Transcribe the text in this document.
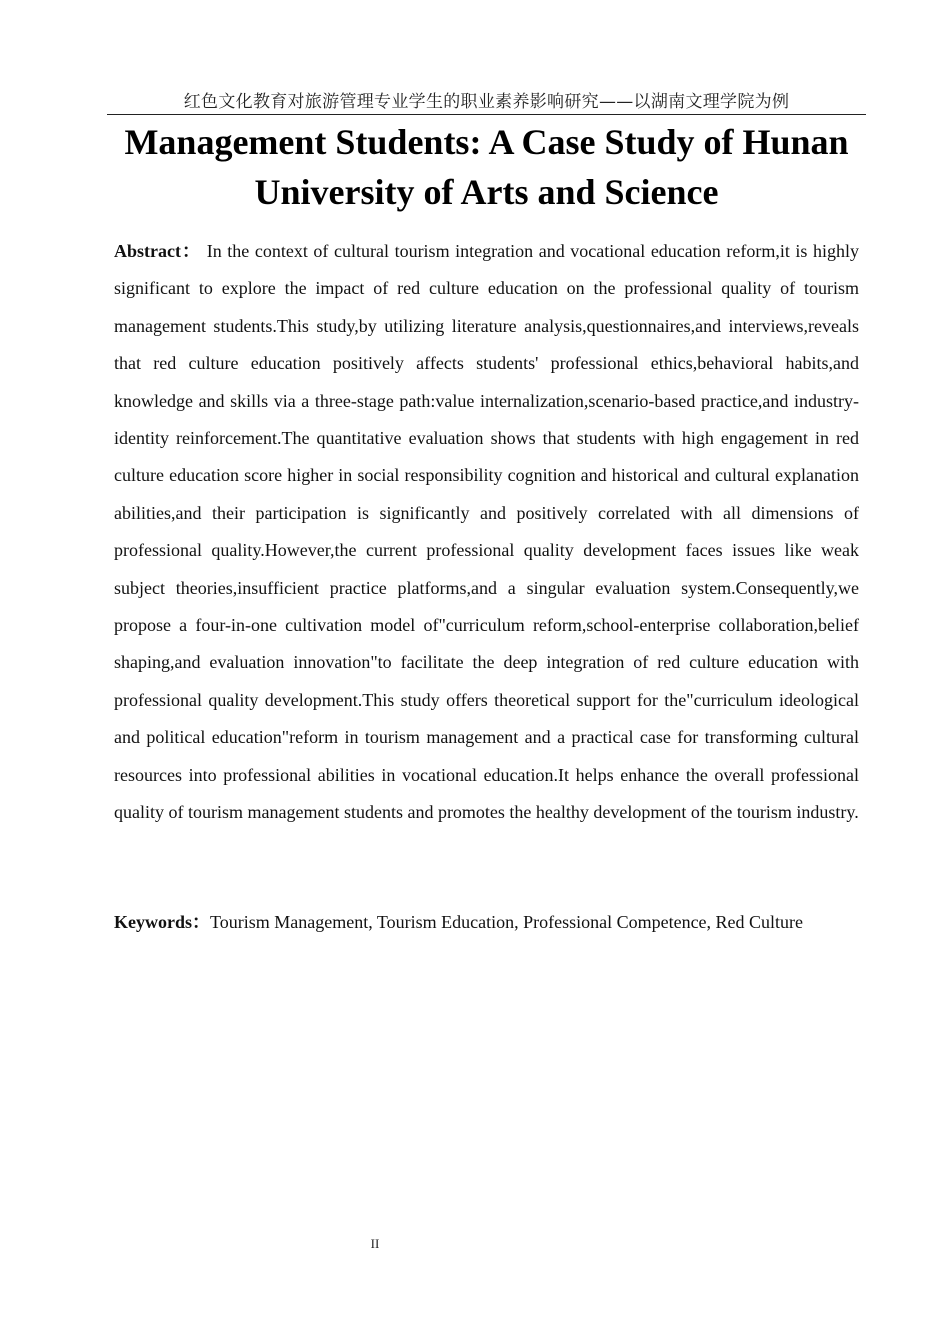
红色文化教育对旅游管理专业学生的职业素养影响研究——以湖南文理学院为例
Management Students: A Case Study of Hunan
University of Arts and Science

Abstract： In the context of cultural tourism integration and vocational education reform,it is highly significant to explore the impact of red culture education on the professional quality of tourism management students.This study,by utilizing literature analysis,questionnaires,and interviews,reveals that red culture education positively affects students' professional ethics,behavioral habits,and knowledge and skills via a three-stage path:value internalization,scenario-based practice,and industry-identity reinforcement.The quantitative evaluation shows that students with high engagement in red culture education score higher in social responsibility cognition and historical and cultural explanation abilities,and their participation is significantly and positively correlated with all dimensions of professional quality.However,the current professional quality development faces issues like weak subject theories,insufficient practice platforms,and a singular evaluation system.Consequently,we propose a four-in-one cultivation model of"curriculum reform,school-enterprise collaboration,belief shaping,and evaluation innovation"to facilitate the deep integration of red culture education with professional quality development.This study offers theoretical support for the"curriculum ideological and political education"reform in tourism management and a practical case for transforming cultural resources into professional abilities in vocational education.It helps enhance the overall professional quality of tourism management students and promotes the healthy development of the tourism industry.

Keywords：Tourism Management, Tourism Education, Professional Competence, Red Culture

II
